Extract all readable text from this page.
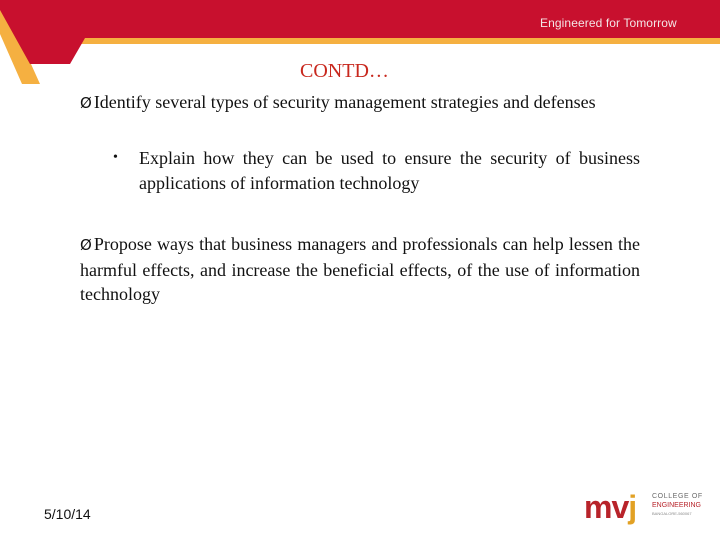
Engineered for Tomorrow
CONTD…
Ø Identify several types of security management strategies and defenses
• Explain how they can be used to ensure the security of business applications of information technology
Ø Propose ways that business managers and professionals can help lessen the harmful effects, and increase the beneficial effects, of the use of information technology
5/10/14	mvj COLLEGE OF
ENGINEERING
BANGALORE-560067
